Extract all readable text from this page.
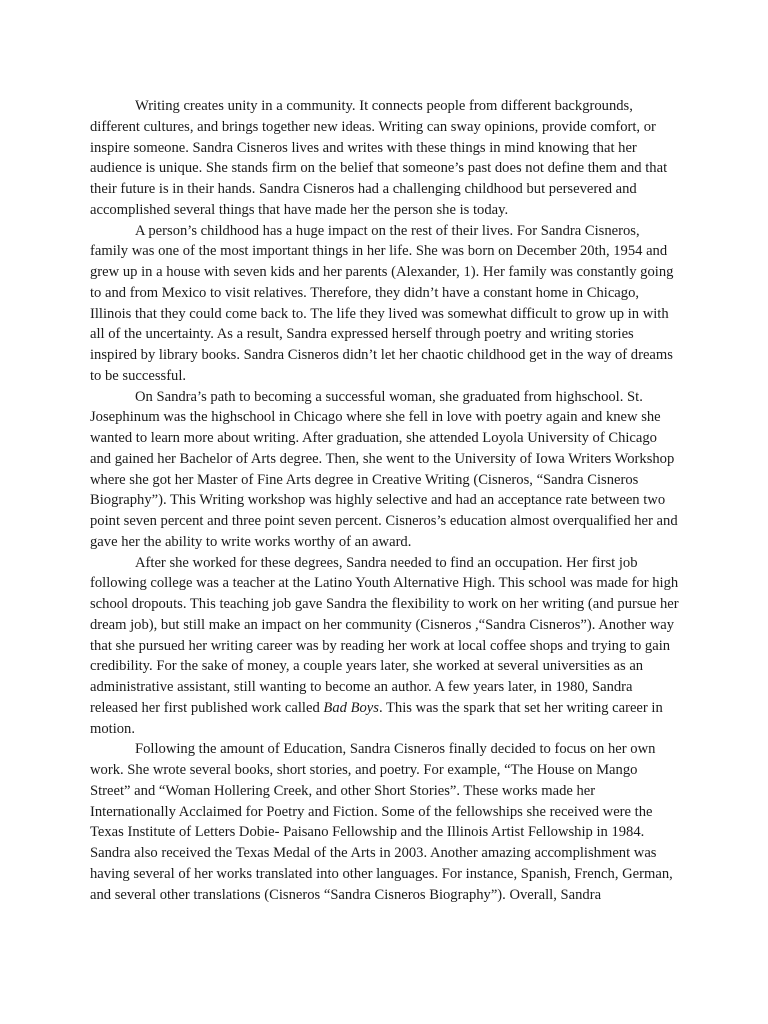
Writing creates unity in a community. It connects people from different backgrounds, different cultures, and brings together new ideas. Writing can sway opinions, provide comfort, or inspire someone. Sandra Cisneros lives and writes with these things in mind knowing that her audience is unique. She stands firm on the belief that someone’s past does not define them and that their future is in their hands. Sandra Cisneros had a challenging childhood but persevered and accomplished several things that have made her the person she is today.

A person’s childhood has a huge impact on the rest of their lives. For Sandra Cisneros, family was one of the most important things in her life. She was born on December 20th, 1954 and grew up in a house with seven kids and her parents (Alexander, 1). Her family was constantly going to and from Mexico to visit relatives. Therefore, they didn’t have a constant home in Chicago, Illinois that they could come back to. The life they lived was somewhat difficult to grow up in with all of the uncertainty. As a result, Sandra expressed herself through poetry and writing stories inspired by library books. Sandra Cisneros didn’t let her chaotic childhood get in the way of dreams to be successful.

On Sandra’s path to becoming a successful woman, she graduated from highschool. St. Josephinum was the highschool in Chicago where she fell in love with poetry again and knew she wanted to learn more about writing. After graduation, she attended Loyola University of Chicago and gained her Bachelor of Arts degree. Then, she went to the University of Iowa Writers Workshop where she got her Master of Fine Arts degree in Creative Writing (Cisneros, “Sandra Cisneros Biography”). This Writing workshop was highly selective and had an acceptance rate between two point seven percent and three point seven percent. Cisneros’s education almost overqualified her and gave her the ability to write works worthy of an award.

After she worked for these degrees, Sandra needed to find an occupation. Her first job following college was a teacher at the Latino Youth Alternative High. This school was made for high school dropouts. This teaching job gave Sandra the flexibility to work on her writing (and pursue her dream job), but still make an impact on her community (Cisneros ,“Sandra Cisneros”). Another way that she pursued her writing career was by reading her work at local coffee shops and trying to gain credibility. For the sake of money, a couple years later, she worked at several universities as an administrative assistant, still wanting to become an author. A few years later, in 1980, Sandra released her first published work called Bad Boys. This was the spark that set her writing career in motion.

Following the amount of Education, Sandra Cisneros finally decided to focus on her own work. She wrote several books, short stories, and poetry. For example, “The House on Mango Street” and “Woman Hollering Creek, and other Short Stories”. These works made her Internationally Acclaimed for Poetry and Fiction. Some of the fellowships she received were the Texas Institute of Letters Dobie- Paisano Fellowship and the Illinois Artist Fellowship in 1984. Sandra also received the Texas Medal of the Arts in 2003. Another amazing accomplishment was having several of her works translated into other languages. For instance, Spanish, French, German, and several other translations (Cisneros “Sandra Cisneros Biography”). Overall, Sandra
